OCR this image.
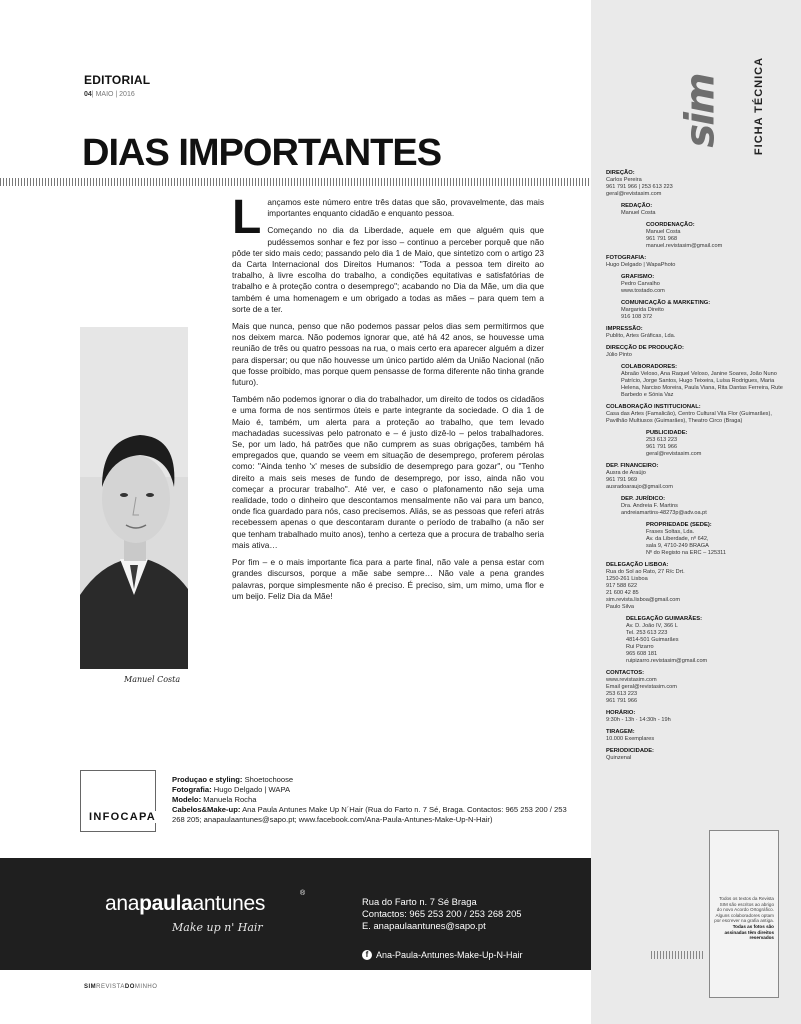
sim	FICHA TÉCNICA
DIREÇÃO:
Carlos Pereira
961 791 966 | 253 613 223
geral@revistasim.com
REDAÇÃO:
Manuel Costa
COORDENAÇÃO:
Manuel Costa
961 791 968
manuel.revistasim@gmail.com
FOTOGRAFIA:
Hugo Delgado | WapaPhoto
GRAFISMO:
Pedro Carvalho
www.tostado.com
COMUNICAÇÃO & MARKETING:
Margarida Direito
916 108 372
IMPRESSÃO:
Publito, Artes Gráficas, Lda.
DIRECÇÃO DE PRODUÇÃO:
Júlio Pinto
COLABORADORES:
Abraão Veloso, Ana Raquel Veloso, Janine Soares, João Nuno Patrício, Jorge Santos, Hugo Teixeira, Luísa Rodrigues, Maria Helena, Narciso Moreira, Paula Viana, Rita Dantas Ferreira, Rute Barbedo e Sónia Vaz
COLABORAÇÃO INSTITUCIONAL:
Casa das Artes (Famalicão), Centro Cultural Vila Flor (Guimarães), Pavilhão Multiusos (Guimarães), Theatro Circo (Braga)
PUBLICIDADE:
253 613 223
961 791 966
geral@revistasim.com
DEP. FINANCEIRO:
Ausra de Araújo
961 791 969
ausradoaraujo@gmail.com
DEP. JURÍDICO:
Dra. Andreia F. Martins
andreiamartins-48273p@adv.oa.pt
PROPRIEDADE (SEDE):
Frases Soltas, Lda.
Av. da Liberdade, nº 642,
sala 9, 4710-249 BRAGA
Nº do Registo na ERC – 125311
DELEGAÇÃO LISBOA:
Rua do Sol ao Rato, 27 R/c Drt.
1250-261 Lisboa
917 588 622
21 600 42 85
sim.revista.lisboa@gmail.com
Paulo Silva
DELEGAÇÃO GUIMARÃES:
Av. D. João IV, 366 L
Tel. 253 613 223
4814-501 Guimarães
Rui Pizarro
965 608 181
ruipizarro.revistasim@gmail.com
CONTACTOS:
www.revistasim.com
Email geral@revistasim.com
253 613 223
961 791 966
HORÁRIO:
9:30h - 13h · 14:30h - 19h
TIRAGEM:
10.000 Exemplares
PERIODICIDADE:
Quinzenal

Todos os textos da Revista SIM são escritos ao abrigo do novo Acordo Ortográfico. Alguns colaboradores optam por escrever na grafia antiga. Todas as fotos são assinadas têm direitos reservados

EDITORIAL
04| MAIO | 2016
DIAS IMPORTANTES
Manuel Costa

Lançamos este número entre três datas que são, provavelmente, das mais importantes enquanto cidadão e enquanto pessoa.

Começando no dia da Liberdade, aquele em que alguém quis que pudéssemos sonhar e fez por isso – continuo a perceber porquê que não pôde ter sido mais cedo; passando pelo dia 1 de Maio, que sintetizo com o artigo 23 da Carta Internacional dos Direitos Humanos: "Toda a pessoa tem direito ao trabalho, à livre escolha do trabalho, a condições equitativas e satisfatórias de trabalho e à proteção contra o desemprego"; acabando no Dia da Mãe, um dia que também é uma homenagem e um obrigado a todas as mães – para quem tem a sorte de a ter.

Mais que nunca, penso que não podemos passar pelos dias sem permitirmos que nos deixem marca. Não podemos ignorar que, até há 42 anos, se houvesse uma reunião de três ou quatro pessoas na rua, o mais certo era aparecer alguém a dizer para dispersar; ou que não houvesse um único partido além da União Nacional (não que fosse proibido, mas porque quem pensasse de forma diferente não tinha grande futuro).

Também não podemos ignorar o dia do trabalhador, um direito de todos os cidadãos e uma forma de nos sentirmos úteis e parte integrante da sociedade. O dia 1 de Maio é, também, um alerta para a proteção ao trabalho, que tem levado machadadas sucessivas pelo patronato e – é justo dizê-lo – pelos trabalhadores. Se, por um lado, há patrões que não cumprem as suas obrigações, também há empregados que, quando se veem em situação de desemprego, proferem pérolas como: "Ainda tenho 'x' meses de subsídio de desemprego para gozar", ou "Tenho direito a mais seis meses de fundo de desemprego, por isso, ainda não vou começar a procurar trabalho". Até ver, e caso o plafonamento não seja uma realidade, todo o dinheiro que descontamos mensalmente não vai para um banco, onde fica guardado para nós, caso precisemos. Aliás, se as pessoas que referi atrás recebessem apenas o que descontaram durante o período de trabalho (a não ser que tenham trabalhado muito anos), tenho a certeza que a procura de trabalho seria mais ativa…

Por fim – e o mais importante fica para a parte final, não vale a pensa estar com grandes discursos, porque a mãe sabe sempre… Não vale a pena grandes palavras, porque simplesmente não é preciso. É preciso, sim, um mimo, uma flor e um beijo. Feliz Dia da Mãe!

INFOCAPA
Produçao e styling: Shoetochoose
Fotografia: Hugo Delgado | WAPA
Modelo: Manuela Rocha
Cabelos&Make-up: Ana Paula Antunes Make Up N´Hair (Rua do Farto n. 7 Sé, Braga. Contactos: 965 253 200 / 253 268 205; anapaulaantunes@sapo.pt; www.facebook.com/Ana-Paula-Antunes-Make-Up-N-Hair)
anapaulaantunes	®
Make up n' Hair
Rua do Farto n. 7 Sé Braga
Contactos: 965 253 200 / 253 268 205
E. anapaulaantunes@sapo.pt
f Ana-Paula-Antunes-Make-Up-N-Hair
SIMREVISTADOMINHO
